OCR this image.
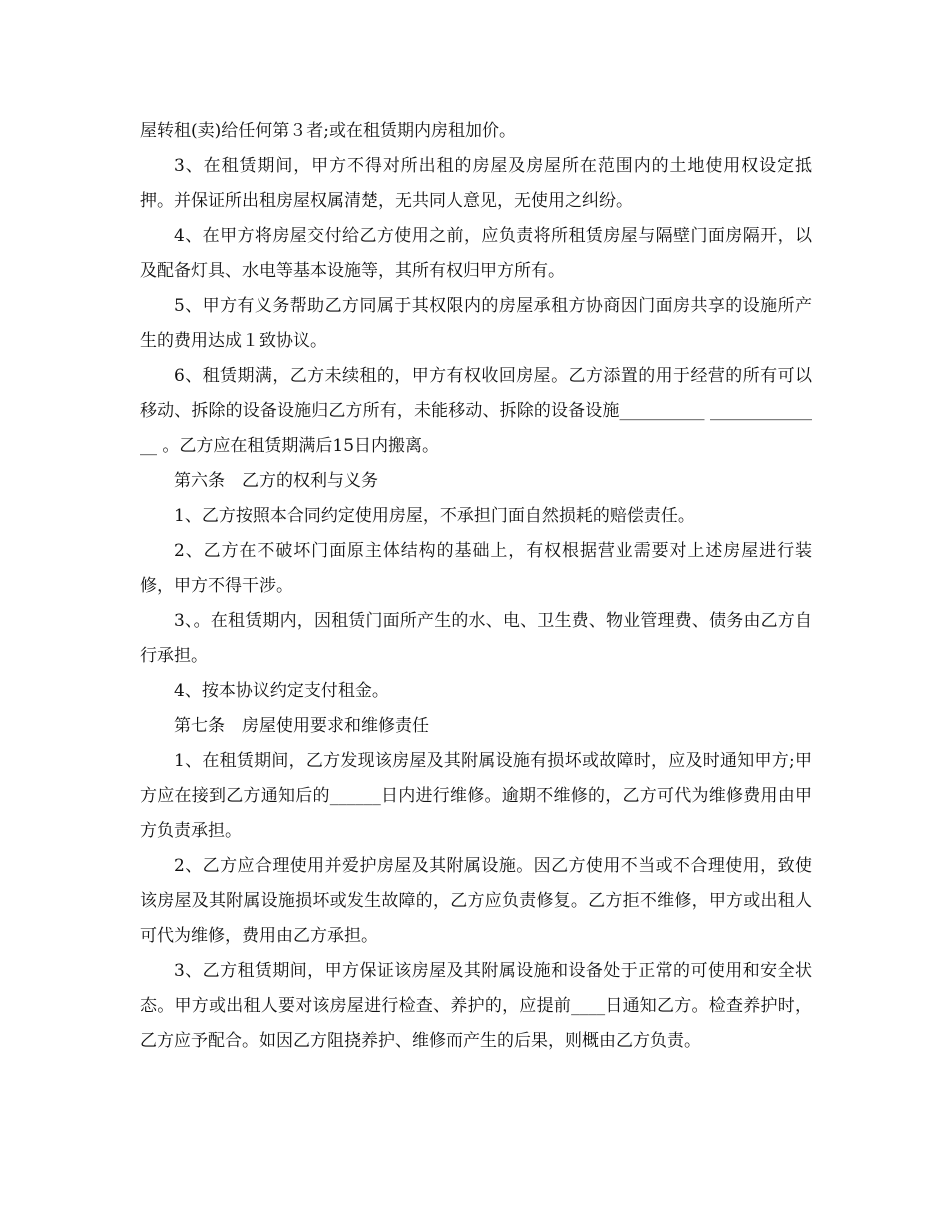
屋转租(卖)给任何第３者;或在租赁期内房租加价。

3、在租赁期间，甲方不得对所出租的房屋及房屋所在范围内的土地使用权设定抵押。并保证所出租房屋权属清楚，无共同人意见，无使用之纠纷。

4、在甲方将房屋交付给乙方使用之前，应负责将所租赁房屋与隔壁门面房隔开，以及配备灯具、水电等基本设施等，其所有权归甲方所有。

5、甲方有义务帮助乙方同属于其权限内的房屋承租方协商因门面房共享的设施所产生的费用达成１致协议。

6、租赁期满，乙方未续租的，甲方有权收回房屋。乙方添置的用于经营的所有可以移动、拆除的设备设施归乙方所有，未能移动、拆除的设备设施__________ ______________ 。乙方应在租赁期满后15日内搬离。

第六条　乙方的权利与义务

1、乙方按照本合同约定使用房屋，不承担门面自然损耗的赔偿责任。

2、乙方在不破坏门面原主体结构的基础上，有权根据营业需要对上述房屋进行装修，甲方不得干涉。

3、。在租赁期内，因租赁门面所产生的水、电、卫生费、物业管理费、债务由乙方自行承担。

4、按本协议约定支付租金。

第七条　房屋使用要求和维修责任

1、在租赁期间，乙方发现该房屋及其附属设施有损坏或故障时，应及时通知甲方;甲方应在接到乙方通知后的______日内进行维修。逾期不维修的，乙方可代为维修费用由甲方负责承担。

2、乙方应合理使用并爱护房屋及其附属设施。因乙方使用不当或不合理使用，致使该房屋及其附属设施损坏或发生故障的，乙方应负责修复。乙方拒不维修，甲方或出租人可代为维修，费用由乙方承担。

3、乙方租赁期间，甲方保证该房屋及其附属设施和设备处于正常的可使用和安全状态。甲方或出租人要对该房屋进行检查、养护的，应提前____日通知乙方。检查养护时，乙方应予配合。如因乙方阻挠养护、维修而产生的后果，则概由乙方负责。
